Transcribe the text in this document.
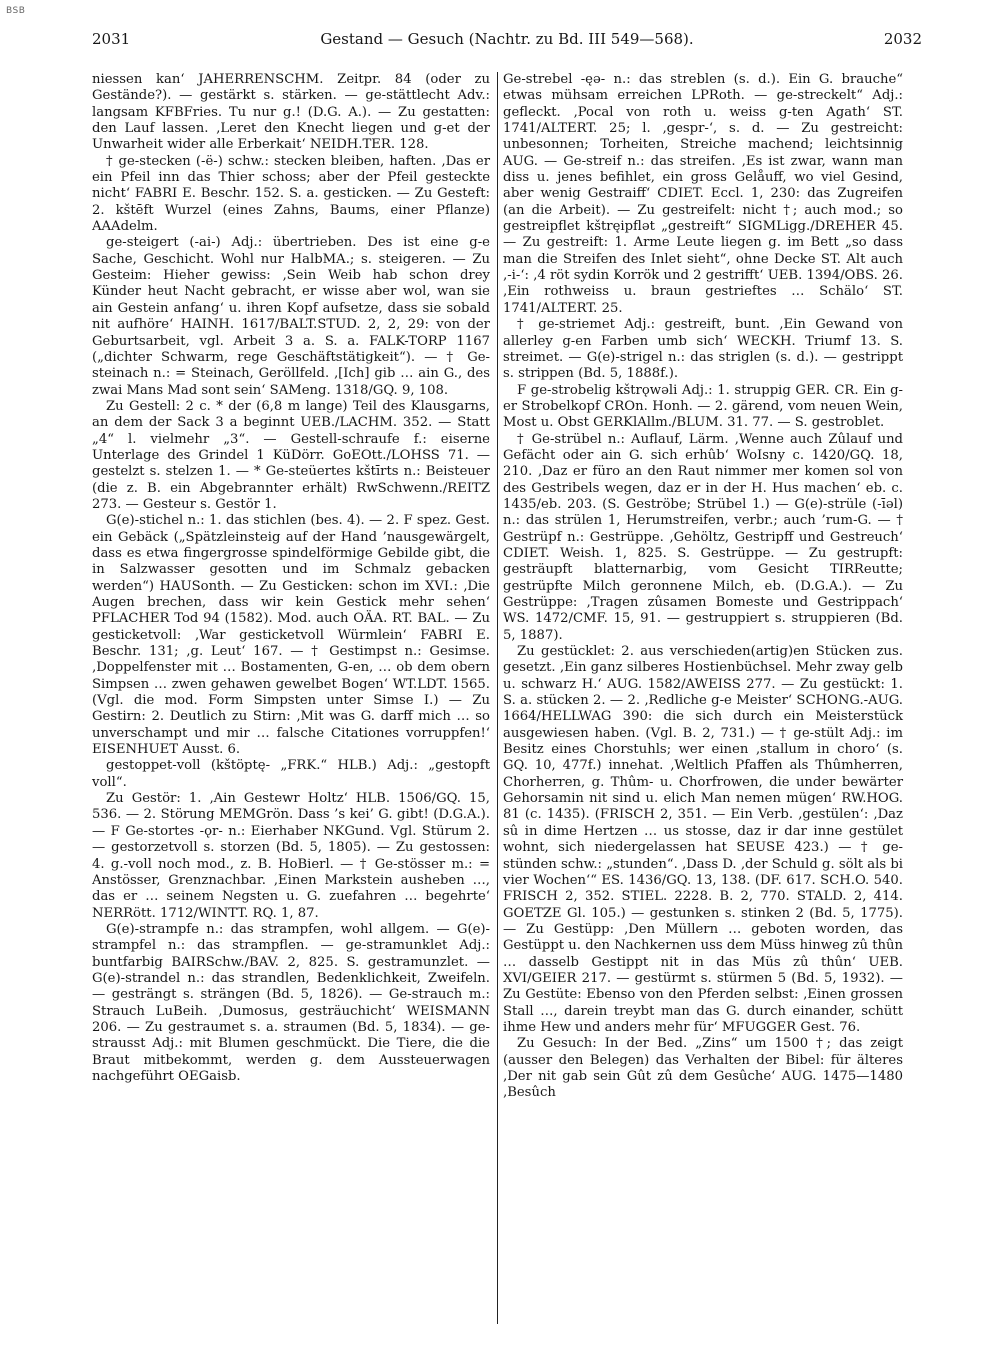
BSB
2031	Gestand — Gesuch (Nachtr. zu Bd. III 549—568).	2032

niessen kan‘ JAHERRENSCHM. Zeitpr. 84 (oder zu Gestände?). — gestärkt s. stärken. — ge-stättlecht Adv.: langsam KFBFries. Tu nur g.! (D.G. A.). — Zu gestatten: den Lauf lassen. ‚Leret den Knecht liegen und g-et der Unwarheit wider alle Erberkait‘ NEIDH.TER. 128.

† ge-stecken (-ë-) schw.: stecken bleiben, haften. ‚Das er ein Pfeil inn das Thier schoss; aber der Pfeil gesteckte nicht‘ FABRI E. Beschr. 152. S. a. gesticken. — Zu Gesteft: 2. kštēft Wurzel (eines Zahns, Baums, einer Pflanze) AAAdelm.

ge-steigert (-ai-) Adj.: übertrieben. Des ist eine g-e Sache, Geschicht. Wohl nur HalbMA.; s. steigeren. — Zu Gesteim: Hieher gewiss: ‚Sein Weib hab schon drey Künder heut Nacht gebracht, er wisse aber wol, wan sie ain Gestein anfang‘ u. ihren Kopf aufsetze, dass sie sobald nit aufhöre‘ HAINH. 1617/BALT.STUD. 2, 2, 29: von der Geburtsarbeit, vgl. Arbeit 3 a. S. a. FALK-TORP 1167 („dichter Schwarm, rege Geschäftstätigkeit“). — † Ge-steinach n.: = Steinach, Geröllfeld. ‚[Ich] gib … ain G., des zwai Mans Mad sont sein‘ SAMeng. 1318/GQ. 9, 108.

Zu Gestell: 2 c. * der (6,8 m lange) Teil des Klausgarns, an dem der Sack 3 a beginnt UEB./LACHM. 352. — Statt „4“ l. vielmehr „3“. — Gestell-schraufe f.: eiserne Unterlage des Grindel 1 KüDörr. GoEOtt./LOHSS 71. — gestelzt s. stelzen 1. — * Ge-steüertes kštīrts n.: Beisteuer (die z. B. ein Abgebrannter erhält) RwSchwenn./REITZ 273. — Gesteur s. Gestör 1.

G(e)-stichel n.: 1. das stichlen (bes. 4). — 2. F spez. Gest. ein Gebäck („Spätzleinsteig auf der Hand ’nausgewärgelt, dass es etwa fingergrosse spindelförmige Gebilde gibt, die in Salzwasser gesotten und im Schmalz gebacken werden“) HAUSonth. — Zu Gesticken: schon im XVI.: ‚Die Augen brechen, dass wir kein Gestick mehr sehen‘ PFLACHER Tod 94 (1582). Mod. auch OÄA. RT. BAL. — Zu gesticketvoll: ‚War gesticketvoll Würmlein‘ FABRI E. Beschr. 131; ‚g. Leut‘ 167. — † Gestimpst n.: Gesimse. ‚Doppelfenster mit … Bostamenten, G-en, … ob dem obern Simpsen … zwen gehawen gewelbet Bogen‘ WT.LDT. 1565. (Vgl. die mod. Form Simpsten unter Simse I.) — Zu Gestirn: 2. Deutlich zu Stirn: ‚Mit was G. darff mich … so unverschampt und mir … falsche Citationes vorruppfen!‘ EISENHUET Ausst. 6.

gestoppet-voll (kštöptę- „FRK.“ HLB.) Adj.: „gestopft voll“.

Zu Gestör: 1. ‚Ain Gestewr Holtz‘ HLB. 1506/GQ. 15, 536. — 2. Störung MEMGrön. Dass ’s kei’ G. gibt! (D.G.A.). — F Ge-stortes -ǫr- n.: Eierhaber NKGund. Vgl. Stürum 2. — gestorzetvoll s. storzen (Bd. 5, 1805). — Zu gestossen: 4. g.-voll noch mod., z. B. HoBierl. — † Ge-stösser m.: = Anstösser, Grenznachbar. ‚Einen Markstein ausheben …, das er … seinem Negsten u. G. zuefahren … begehrte‘ NERRött. 1712/WINTT. RQ. 1, 87.

G(e)-strampfe n.: das strampfen, wohl allgem. — G(e)-strampfel n.: das strampflen. — ge-stramunklet Adj.: buntfarbig BAIRSchw./BAV. 2, 825. S. gestramunzlet. — G(e)-strandel n.: das strandlen, Bedenklichkeit, Zweifeln. — gesträngt s. strängen (Bd. 5, 1826). — Ge-strauch m.: Strauch LuBeih. ‚Dumosus, gesträuchicht‘ WEISMANN 206. — Zu gestraumet s. a. straumen (Bd. 5, 1834). — ge-strausst Adj.: mit Blumen geschmückt. Die Tiere, die die Braut mitbekommt, werden g. dem Aussteuerwagen nachgeführt OEGaisb.

Ge-strebel -ęǝ- n.: das streblen (s. d.). Ein G. brauche“ etwas mühsam erreichen LPRoth. — ge-streckelt“ Adj.: gefleckt. ‚Pocal von roth u. weiss g-ten Agath‘ ST. 1741/ALTERT. 25; l. ‚gespr-‘, s. d. — Zu gestreicht: unbesonnen; Torheiten, Streiche machend; leichtsinnig AUG. — Ge-streif n.: das streifen. ‚Es ist zwar, wann man diss u. jenes befihlet, ein gross Gelåuff, wo viel Gesind, aber wenig Gestraiff‘ CDIET. Eccl. 1, 230: das Zugreifen (an die Arbeit). — Zu gestreifelt: nicht †; auch mod.; so gestreipflet kštręipflǝt „gestreift“ SIGMLigg./DREHER 45. — Zu gestreift: 1. Arme Leute liegen g. im Bett „so dass man die Streifen des Inlet sieht“, ohne Decke ST. Alt auch ‚-i-‘: ‚4 röt sydin Korrök und 2 gestrifft‘ UEB. 1394/OBS. 26. ‚Ein rothweiss u. braun gestrieftes … Schälo‘ ST. 1741/ALTERT. 25.

† ge-striemet Adj.: gestreift, bunt. ‚Ein Gewand von allerley g-en Farben umb sich‘ WECKH. Triumf 13. S. streimet. — G(e)-strigel n.: das striglen (s. d.). — gestrippt s. strippen (Bd. 5, 1888f.).

F ge-strobelig kštrǫwǝli Adj.: 1. struppig GER. CR. Ein g-er Strobelkopf CROn. Honh. — 2. gärend, vom neuen Wein, Most u. Obst GERKlAllm./BLUM. 31. 77. — S. gestroblet.

† Ge-strübel n.: Auflauf, Lärm. ‚Wenne auch Zûlauf und Gefächt oder ain G. sich erhûb‘ WoIsny c. 1420/GQ. 18, 210. ‚Daz er füro an den Raut nimmer mer komen sol von des Gestribels wegen, daz er in der H. Hus machen‘ eb. c. 1435/eb. 203. (S. Geströbe; Strübel 1.) — G(e)-strüle (-īǝl) n.: das strülen 1, Herumstreifen, verbr.; auch ’rum-G. — † Gestrüpf n.: Gestrüppe. ‚Gehöltz, Gestripff und Gestreuch‘ CDIET. Weish. 1, 825. S. Gestrüppe. — Zu gestrupft: gesträupft blatternarbig, vom Gesicht TIRReutte; gestrüpfte Milch geronnene Milch, eb. (D.G.A.). — Zu Gestrüppe: ‚Tragen zûsamen Bomeste und Gestrippach‘ WS. 1472/CMF. 15, 91. — gestruppiert s. struppieren (Bd. 5, 1887).

Zu gestücklet: 2. aus verschieden(artig)en Stücken zus. gesetzt. ‚Ein ganz silberes Hostienbüchsel. Mehr zway gelb u. schwarz H.‘ AUG. 1582/AWEISS 277. — Zu gestückt: 1. S. a. stücken 2. — 2. ‚Redliche g-e Meister‘ SCHONG.-AUG. 1664/HELLWAG 390: die sich durch ein Meisterstück ausgewiesen haben. (Vgl. B. 2, 731.) — † ge-stült Adj.: im Besitz eines Chorstuhls; wer einen ‚stallum in choro‘ (s. GQ. 10, 477f.) innehat. ‚Weltlich Pfaffen als Thûmherren, Chorherren, g. Thûm- u. Chorfrowen, die under bewärter Gehorsamin nit sind u. elich Man nemen mügen‘ RW.HOG. 81 (c. 1435). (FRISCH 2, 351. — Ein Verb. ‚gestülen‘: ‚Daz sû in dime Hertzen … us stosse, daz ir dar inne gestület wohnt, sich niedergelassen hat SEUSE 423.) — † ge-stünden schw.: „stunden“. ‚Dass D. ‚der Schuld g. sölt als bi vier Wochen‘“ ES. 1436/GQ. 13, 138. (DF. 617. SCH.O. 540. FRISCH 2, 352. STIEL. 2228. B. 2, 770. STALD. 2, 414. GOETZE Gl. 105.) — gestunken s. stinken 2 (Bd. 5, 1775). — Zu Gestüpp: ‚Den Müllern … geboten worden, das Gestüppt u. den Nachkernen uss dem Müss hinweg zû thûn … dasselb Gestippt nit in das Müs zû thûn‘ UEB. XVI/GEIER 217. — gestürmt s. stürmen 5 (Bd. 5, 1932). — Zu Gestüte: Ebenso von den Pferden selbst: ‚Einen grossen Stall …, darein treybt man das G. durch einander, schütt ihme Hew und anders mehr für‘ MFUGGER Gest. 76.

Zu Gesuch: In der Bed. „Zins“ um 1500 †; das zeigt (ausser den Belegen) das Verhalten der Bibel: für älteres ‚Der nit gab sein Gût zû dem Gesûche‘ AUG. 1475—1480 ‚Besûch
